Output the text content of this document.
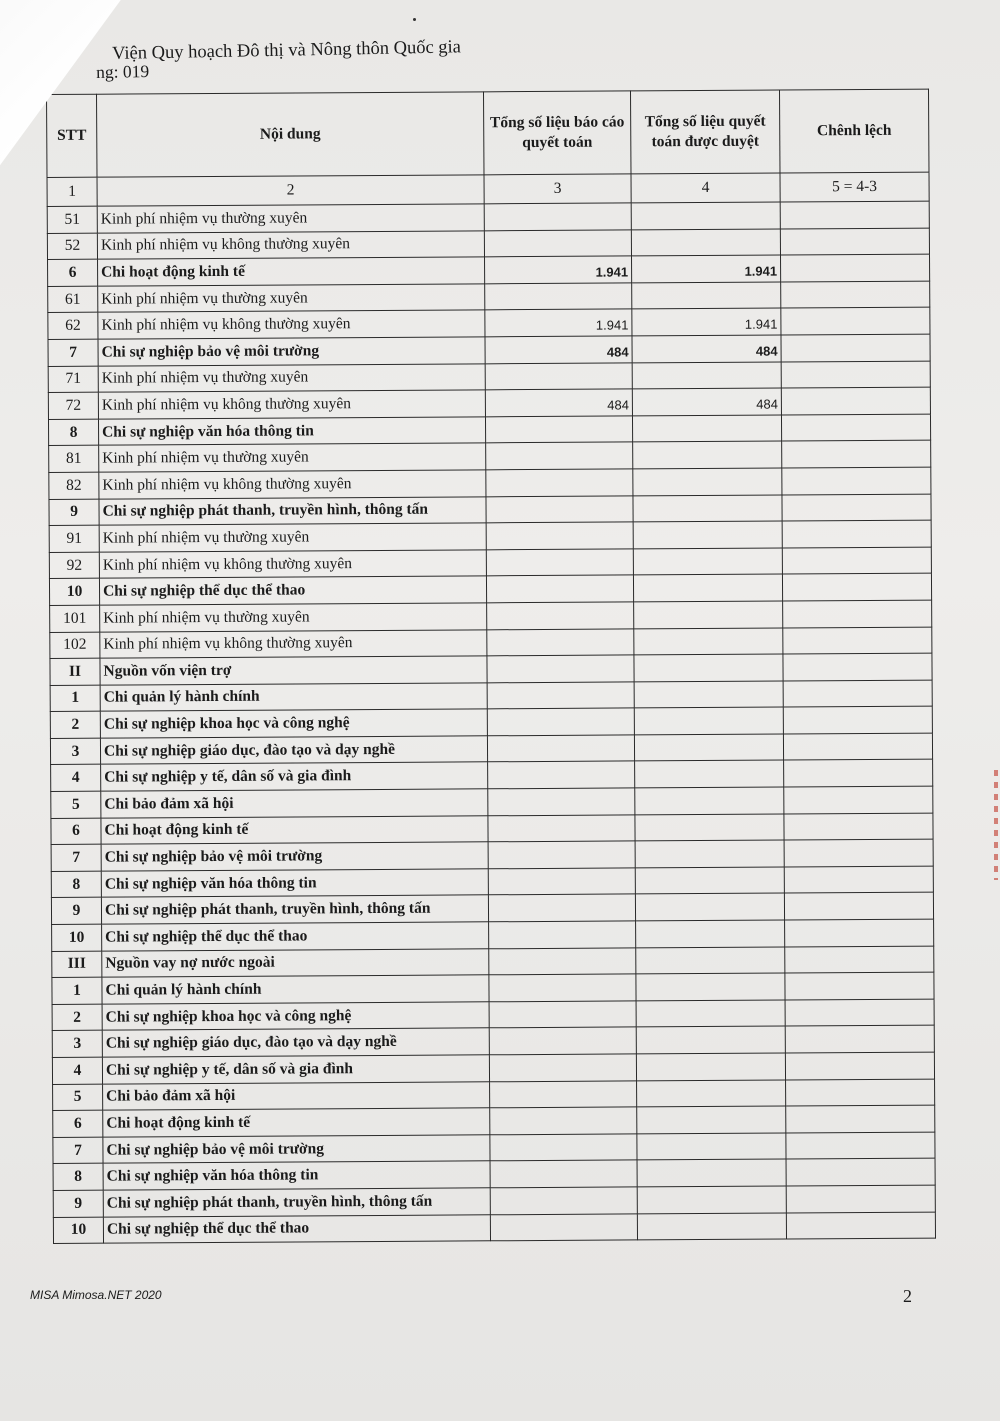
Viện Quy hoạch Đô thị và Nông thôn Quốc gia
ng: 019
STT	Nội dung	Tổng số liệu báo cáo quyết toán	Tổng số liệu quyết toán được duyệt	Chênh lệch
1	2	3	4	5 = 4-3
51	Kinh phí nhiệm vụ thường xuyên			
52	Kinh phí nhiệm vụ không thường xuyên			
6	Chi hoạt động kinh tế	1.941	1.941	
61	Kinh phí nhiệm vụ thường xuyên			
62	Kinh phí nhiệm vụ không thường xuyên	1.941	1.941	
7	Chi sự nghiệp bảo vệ môi trường	484	484	
71	Kinh phí nhiệm vụ thường xuyên			
72	Kinh phí nhiệm vụ không thường xuyên	484	484	
8	Chi sự nghiệp văn hóa thông tin			
81	Kinh phí nhiệm vụ thường xuyên			
82	Kinh phí nhiệm vụ không thường xuyên			
9	Chi sự nghiệp phát thanh, truyền hình, thông tấn			
91	Kinh phí nhiệm vụ thường xuyên			
92	Kinh phí nhiệm vụ không thường xuyên			
10	Chi sự nghiệp thể dục thể thao			
101	Kinh phí nhiệm vụ thường xuyên			
102	Kinh phí nhiệm vụ không thường xuyên			
II	Nguồn vốn viện trợ			
1	Chi quản lý hành chính			
2	Chi sự nghiệp khoa học và công nghệ			
3	Chi sự nghiệp giáo dục, đào tạo và dạy nghề			
4	Chi sự nghiệp y tế, dân số và gia đình			
5	Chi bảo đảm xã hội			
6	Chi hoạt động kinh tế			
7	Chi sự nghiệp bảo vệ môi trường			
8	Chi sự nghiệp văn hóa thông tin			
9	Chi sự nghiệp phát thanh, truyền hình, thông tấn			
10	Chi sự nghiệp thể dục thể thao			
III	Nguồn vay nợ nước ngoài			
1	Chi quản lý hành chính			
2	Chi sự nghiệp khoa học và công nghệ			
3	Chi sự nghiệp giáo dục, đào tạo và dạy nghề			
4	Chi sự nghiệp y tế, dân số và gia đình			
5	Chi bảo đảm xã hội			
6	Chi hoạt động kinh tế			
7	Chi sự nghiệp bảo vệ môi trường			
8	Chi sự nghiệp văn hóa thông tin			
9	Chi sự nghiệp phát thanh, truyền hình, thông tấn			
10	Chi sự nghiệp thể dục thể thao			
MISA Mimosa.NET 2020	2
